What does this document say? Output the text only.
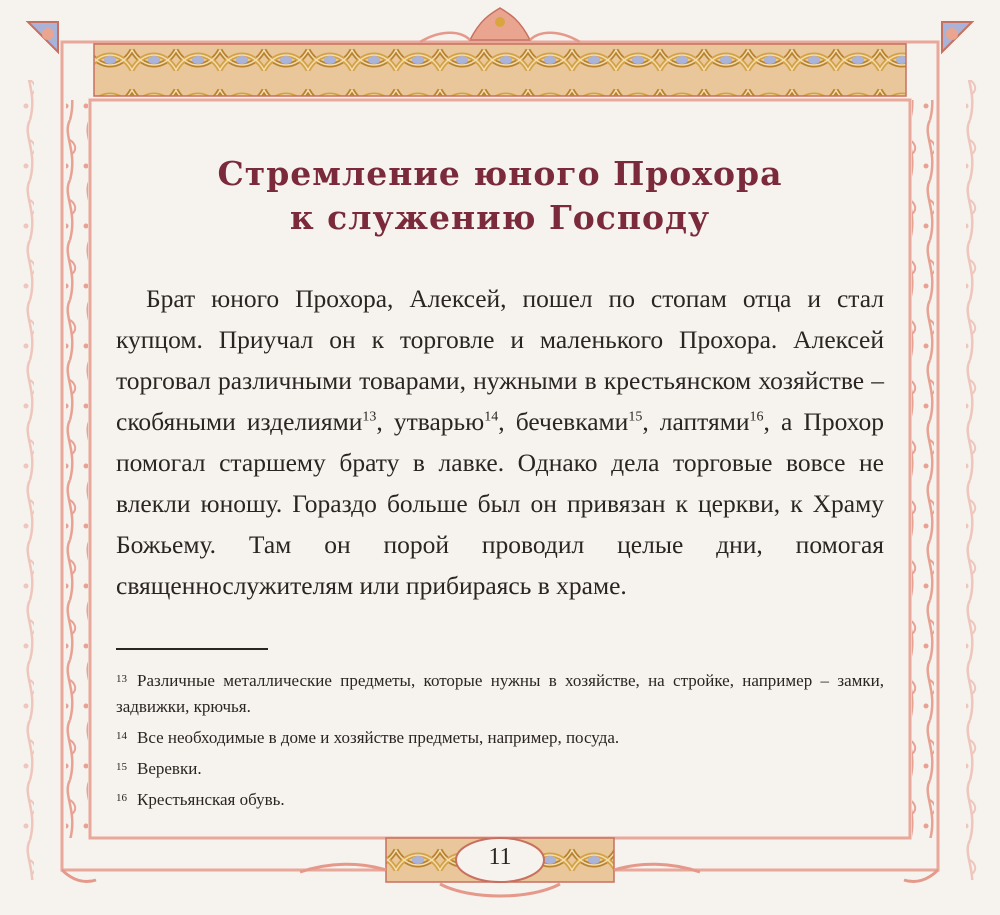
Стремление юного Прохора
к служению Господу

Брат юного Прохора, Алексей, пошел по стопам отца и стал купцом. Приучал он к торговле и маленького Прохора. Алексей торговал различными товарами, нужными в крестьянском хозяйстве – скобяными изделиями$^{13}$, утварью$^{14}$, бечевками$^{15}$, лаптями$^{16}$, а Прохор помогал старшему брату в лавке. Однако дела торговые вовсе не влекли юношу. Гораздо больше был он привязан к церкви, к Храму Божьему. Там он порой проводил целые дни, помогая священнослужителям или прибираясь в храме.

$^{13}$ Различные металлические предметы, которые нужны в хозяйстве, на стройке, например – замки, задвижки, крючья.
$^{14}$ Все необходимые в доме и хозяйстве предметы, например, посуда.
$^{15}$ Веревки.
$^{16}$ Крестьянская обувь.
11
